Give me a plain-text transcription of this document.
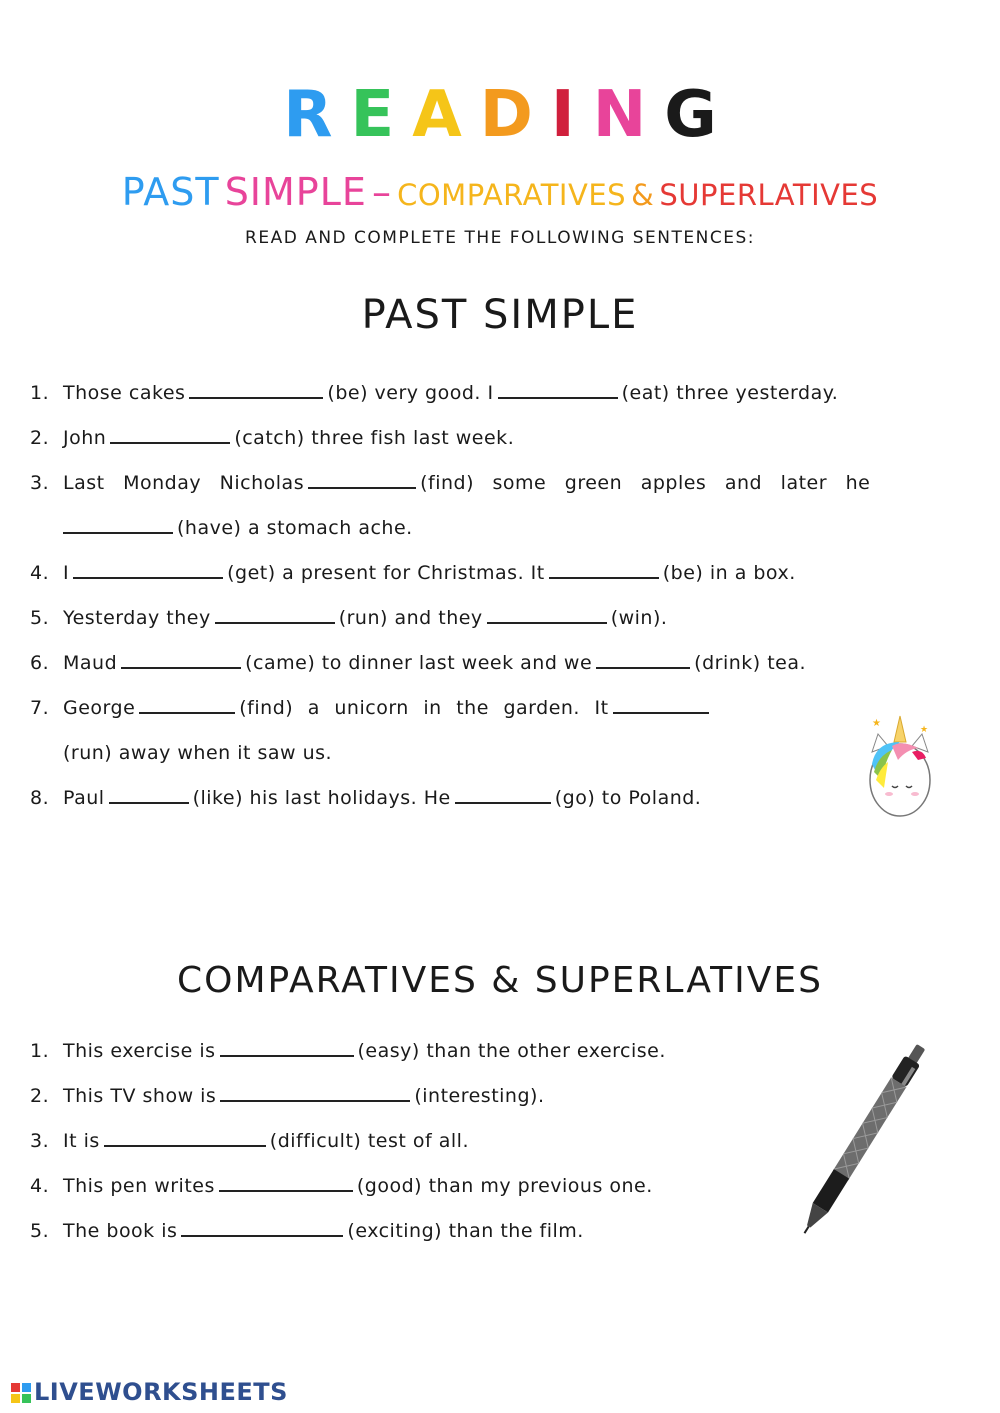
R E A D I N G
PAST SIMPLE – COMPARATIVES & SUPERLATIVES
READ AND COMPLETE THE FOLLOWING SENTENCES:
PAST SIMPLE
1. Those cakes	(be) very good. I	(eat) three yesterday.
2. John	(catch) three fish last week.
3. Last Monday Nicholas	(find) some green apples and later he
(have) a stomach ache.
4. I	(get) a present for Christmas. It	(be) in a box.
5. Yesterday they	(run) and they	(win).
6. Maud	(came) to dinner last week and we	(drink) tea.
7. George	(find) a unicorn in the garden. It
(run) away when it saw us.
8. Paul	(like) his last holidays. He	(go) to Poland.
★
★
COMPARATIVES & SUPERLATIVES
1. This exercise is	(easy) than the other exercise.
2. This TV show is	(interesting).
3. It is	(difficult) test of all.
4. This pen writes	(good) than my previous one.
5. The book is	(exciting) than the film.
LIVEWORKSHEETS
